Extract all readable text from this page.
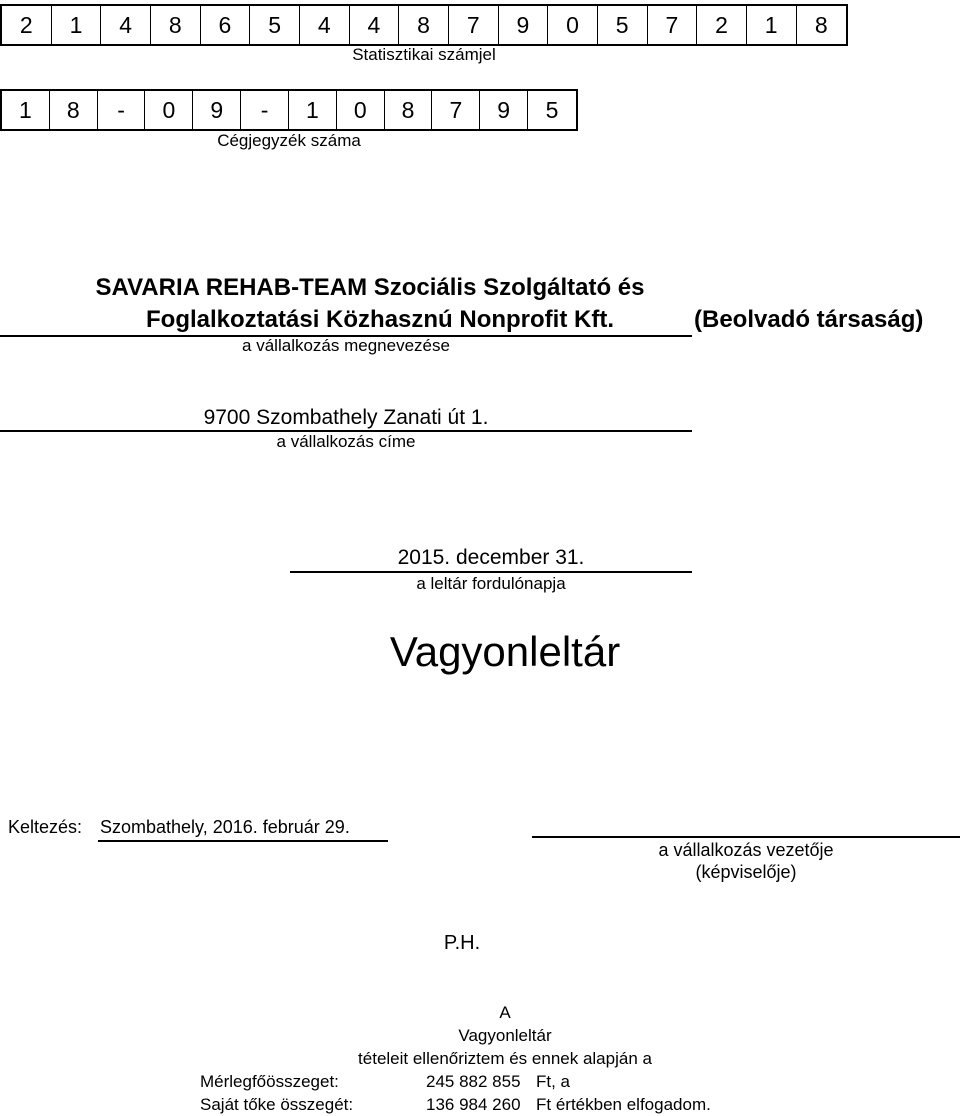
2	1	4	8	6	5	4	4	8	7	9	0	5	7	2	1	8
Statisztikai számjel
1	8	-	0	9	-	1	0	8	7	9	5
Cégjegyzék száma
SAVARIA REHAB-TEAM Szociális Szolgáltató és
Foglalkoztatási Közhasznú Nonprofit Kft.	(Beolvadó társaság)
a vállalkozás megnevezése
9700 Szombathely Zanati út 1.
a vállalkozás címe
2015. december 31.
a leltár fordulónapja
Vagyonleltár
Keltezés: Szombathely, 2016. február 29.
a vállalkozás vezetője
(képviselője)
P.H.
A
Vagyonleltár
tételeit ellenőriztem és ennek alapján a
Mérlegfőösszeget:	245 882 855 Ft, a
Saját tőke összegét:	136 984 260 Ft értékben elfogadom.
